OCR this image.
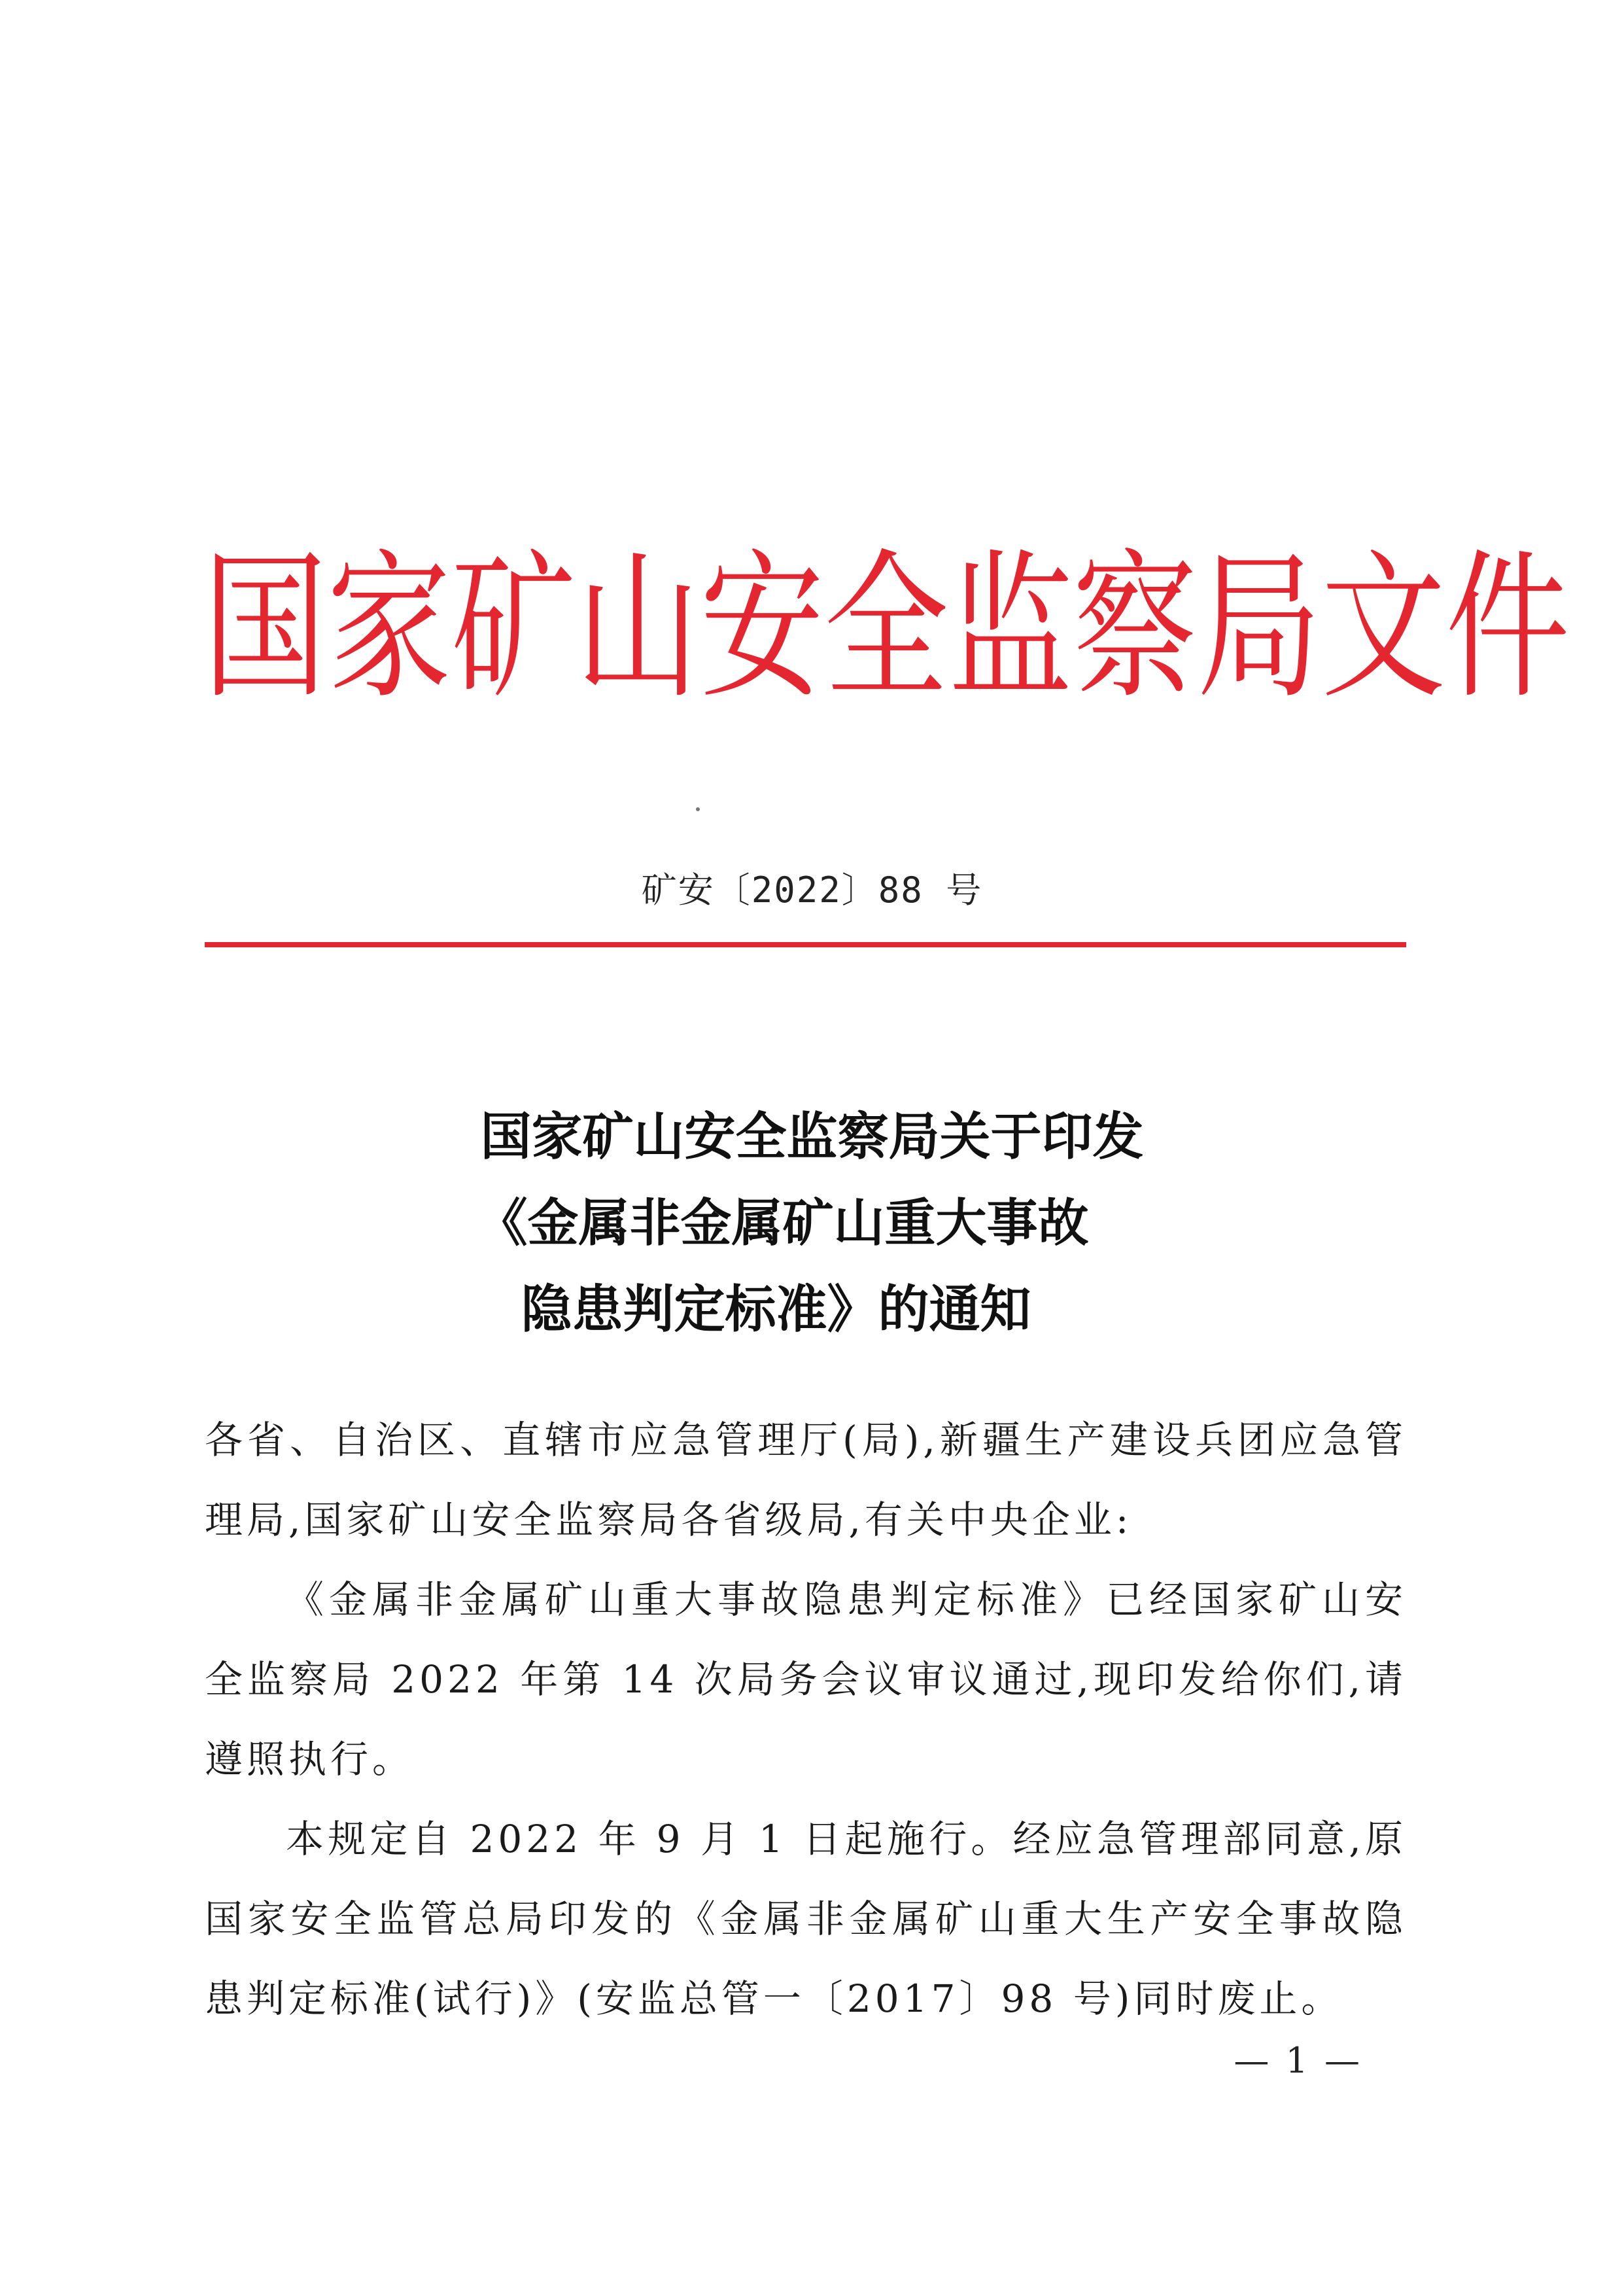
国 家 矿 山 安 全 监 察 局 文 件
矿安〔2022〕88 号
国家矿山安全监察局关于印发
《金属非金属矿山重大事故
隐患判定标准》的通知

各省、自治区、直辖市应急管理厅(局),新疆生产建设兵团应急管理局,国家矿山安全监察局各省级局,有关中央企业:

《金属非金属矿山重大事故隐患判定标准》已经国家矿山安全监察局 2022 年第 14 次局务会议审议通过,现印发给你们,请遵照执行。

本规定自 2022 年 9 月 1 日起施行。经应急管理部同意,原国家安全监管总局印发的《金属非金属矿山重大生产安全事故隐患判定标准(试行)》(安监总管一〔2017〕98 号)同时废止。

— 1 —
